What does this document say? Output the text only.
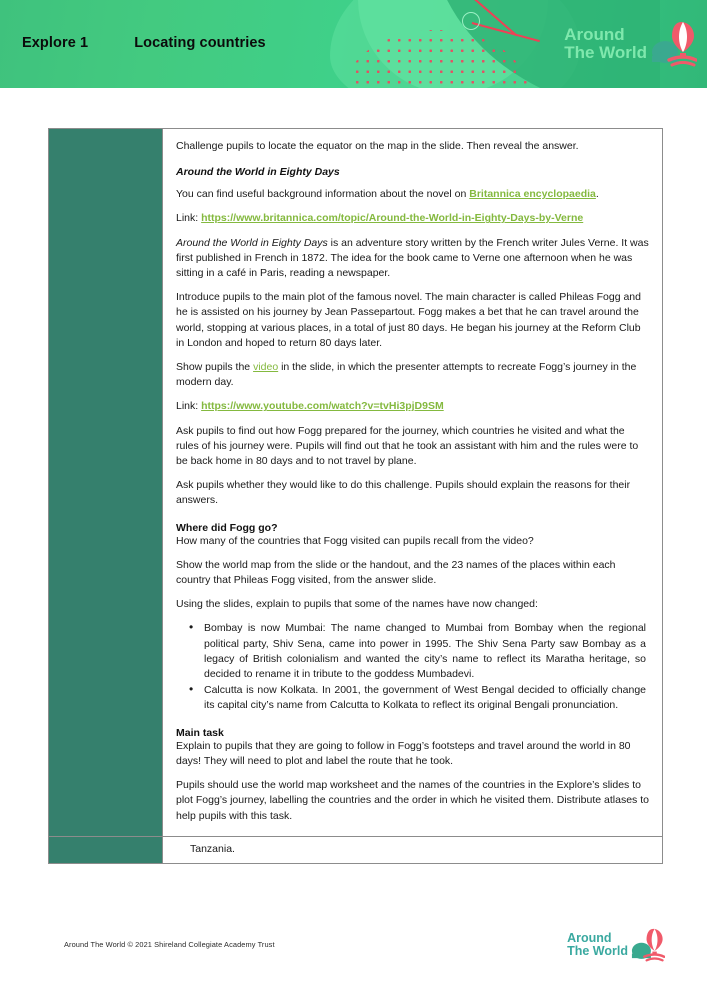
Explore 1	Locating countries	Around
The World

Challenge pupils to locate the equator on the map in the slide. Then reveal the answer.

Around the World in Eighty Days

You can find useful background information about the novel on Britannica encyclopaedia.

Link: https://www.britannica.com/topic/Around-the-World-in-Eighty-Days-by-Verne

Around the World in Eighty Days is an adventure story written by the French writer Jules Verne. It was first published in French in 1872. The idea for the book came to Verne one afternoon when he was sitting in a café in Paris, reading a newspaper.

Introduce pupils to the main plot of the famous novel. The main character is called Phileas Fogg and he is assisted on his journey by Jean Passepartout. Fogg makes a bet that he can travel around the world, stopping at various places, in a total of just 80 days. He began his journey at the Reform Club in London and hoped to return 80 days later.

Show pupils the video in the slide, in which the presenter attempts to recreate Fogg’s journey in the modern day.

Link: https://www.youtube.com/watch?v=tvHi3pjD9SM

Ask pupils to find out how Fogg prepared for the journey, which countries he visited and what the rules of his journey were. Pupils will find out that he took an assistant with him and the rules were to be back home in 80 days and to not travel by plane.

Ask pupils whether they would like to do this challenge. Pupils should explain the reasons for their answers.

Where did Fogg go?

How many of the countries that Fogg visited can pupils recall from the video?

Show the world map from the slide or the handout, and the 23 names of the places within each country that Phileas Fogg visited, from the answer slide.

Using the slides, explain to pupils that some of the names have now changed:

• Bombay is now Mumbai: The name changed to Mumbai from Bombay when the regional political party, Shiv Sena, came into power in 1995. The Shiv Sena Party saw Bombay as a legacy of British colonialism and wanted the city’s name to reflect its Maratha heritage, so decided to rename it in tribute to the goddess Mumbadevi.
• Calcutta is now Kolkata. In 2001, the government of West Bengal decided to officially change its capital city’s name from Calcutta to Kolkata to reflect its original Bengali pronunciation.

Main task

Explain to pupils that they are going to follow in Fogg’s footsteps and travel around the world in 80 days! They will need to plot and label the route that he took.

Pupils should use the world map worksheet and the names of the countries in the Explore’s slides to plot Fogg’s journey, labelling the countries and the order in which he visited them. Distribute atlases to help pupils with this task.

Tanzania.

Around The World © 2021 Shireland Collegiate Academy Trust	Around
The World
